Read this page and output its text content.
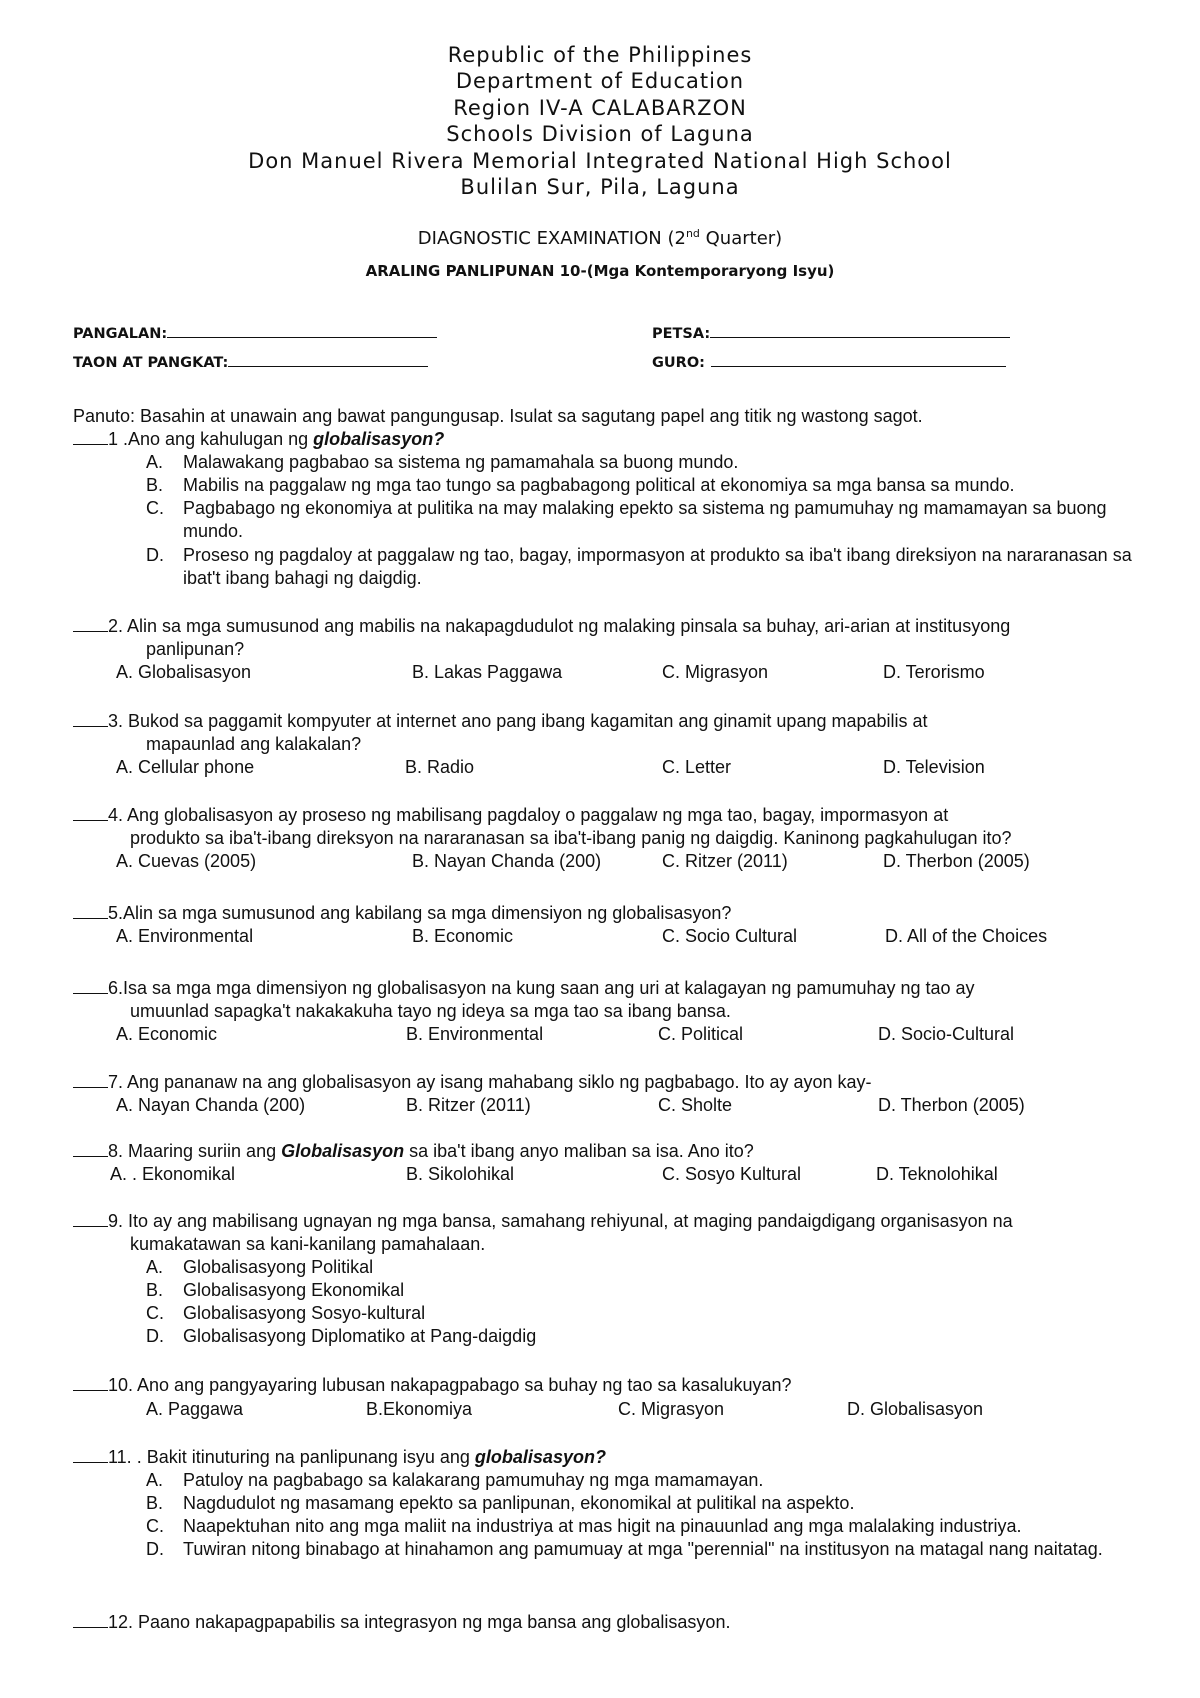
Republic of the Philippines
Department of Education
Region IV-A CALABARZON
Schools Division of Laguna
Don Manuel Rivera Memorial Integrated National High School
Bulilan Sur, Pila, Laguna
DIAGNOSTIC EXAMINATION (2nd Quarter)
ARALING PANLIPUNAN 10-(Mga Kontemporaryong Isyu)
PANGALAN:	PETSA:
TAON AT PANGKAT:	GURO:
Panuto: Basahin at unawain ang bawat pangungusap. Isulat sa sagutang papel ang titik ng wastong sagot.
1 .Ano ang kahulugan ng globalisasyon?
A. Malawakang pagbabao sa sistema ng pamamahala sa buong mundo.
B. Mabilis na paggalaw ng mga tao tungo sa pagbabagong political at ekonomiya sa mga bansa sa mundo.
C. Pagbabago ng ekonomiya at pulitika na may malaking epekto sa sistema ng pamumuhay ng mamamayan sa buong mundo.
D. Proseso ng pagdaloy at paggalaw ng tao, bagay, impormasyon at produkto sa iba't ibang direksiyon na nararanasan sa ibat't ibang bahagi ng daigdig.
2. Alin sa mga sumusunod ang mabilis na nakapagdudulot ng malaking pinsala sa buhay, ari-arian at institusyong
panlipunan?
A. Globalisasyon	B. Lakas Paggawa	C. Migrasyon	D. Terorismo
3. Bukod sa paggamit kompyuter at internet ano pang ibang kagamitan ang ginamit upang mapabilis at
mapaunlad ang kalakalan?
A. Cellular phone	B. Radio	C. Letter	D. Television
4. Ang globalisasyon ay proseso ng mabilisang pagdaloy o paggalaw ng mga tao, bagay, impormasyon at
produkto sa iba't-ibang direksyon na nararanasan sa iba't-ibang panig ng daigdig. Kaninong pagkahulugan ito?
A. Cuevas (2005)	B. Nayan Chanda (200)	C. Ritzer (2011)	D. Therbon (2005)
5.Alin sa mga sumusunod ang kabilang sa mga dimensiyon ng globalisasyon?
A. Environmental	B. Economic	C. Socio Cultural	D. All of the Choices
6.Isa sa mga mga dimensiyon ng globalisasyon na kung saan ang uri at kalagayan ng pamumuhay ng tao ay
umuunlad sapagka't nakakakuha tayo ng ideya sa mga tao sa ibang bansa.
A. Economic	B. Environmental	C. Political	D. Socio-Cultural
7. Ang pananaw na ang globalisasyon ay isang mahabang siklo ng pagbabago. Ito ay ayon kay-
A. Nayan Chanda (200)	B. Ritzer (2011)	C. Sholte	D. Therbon (2005)
8. Maaring suriin ang Globalisasyon sa iba't ibang anyo maliban sa isa. Ano ito?
A. . Ekonomikal	B. Sikolohikal	C. Sosyo Kultural	D. Teknolohikal
9. Ito ay ang mabilisang ugnayan ng mga bansa, samahang rehiyunal, at maging pandaigdigang organisasyon na
kumakatawan sa kani-kanilang pamahalaan.
A. Globalisasyong Politikal
B. Globalisasyong Ekonomikal
C. Globalisasyong Sosyo-kultural
D. Globalisasyong Diplomatiko at Pang-daigdig
10. Ano ang pangyayaring lubusan nakapagpabago sa buhay ng tao sa kasalukuyan?
A. Paggawa	B.Ekonomiya	C. Migrasyon	D. Globalisasyon
11. . Bakit itinuturing na panlipunang isyu ang globalisasyon?
A. Patuloy na pagbabago sa kalakarang pamumuhay ng mga mamamayan.
B. Nagdudulot ng masamang epekto sa panlipunan, ekonomikal at pulitikal na aspekto.
C. Naapektuhan nito ang mga maliit na industriya at mas higit na pinauunlad ang mga malalaking industriya.
D. Tuwiran nitong binabago at hinahamon ang pamumuay at mga "perennial" na institusyon na matagal nang naitatag.
12. Paano nakapagpapabilis sa integrasyon ng mga bansa ang globalisasyon.
